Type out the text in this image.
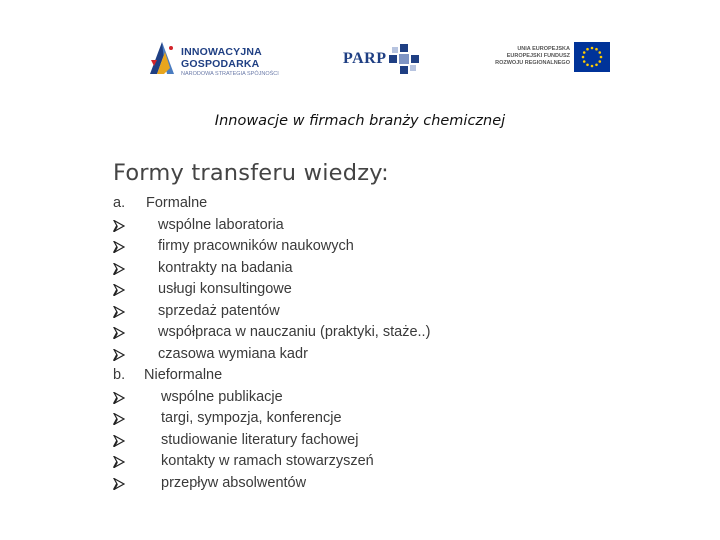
INNOWACYJNA
GOSPODARKA
NARODOWA STRATEGIA SPÓJNOŚCI
PARP
UNIA EUROPEJSKA
EUROPEJSKI FUNDUSZ
ROZWOJU REGIONALNEGO
Innowacje w firmach branży chemicznej
Formy transferu wiedzy:
a. Formalne
wspólne laboratoria
firmy pracowników naukowych
kontrakty na badania
usługi konsultingowe
sprzedaż patentów
współpraca w nauczaniu (praktyki, staże..)
czasowa wymiana kadr
b. Nieformalne
wspólne publikacje
targi, sympozja, konferencje
studiowanie literatury fachowej
kontakty w ramach stowarzyszeń
przepływ absolwentów
